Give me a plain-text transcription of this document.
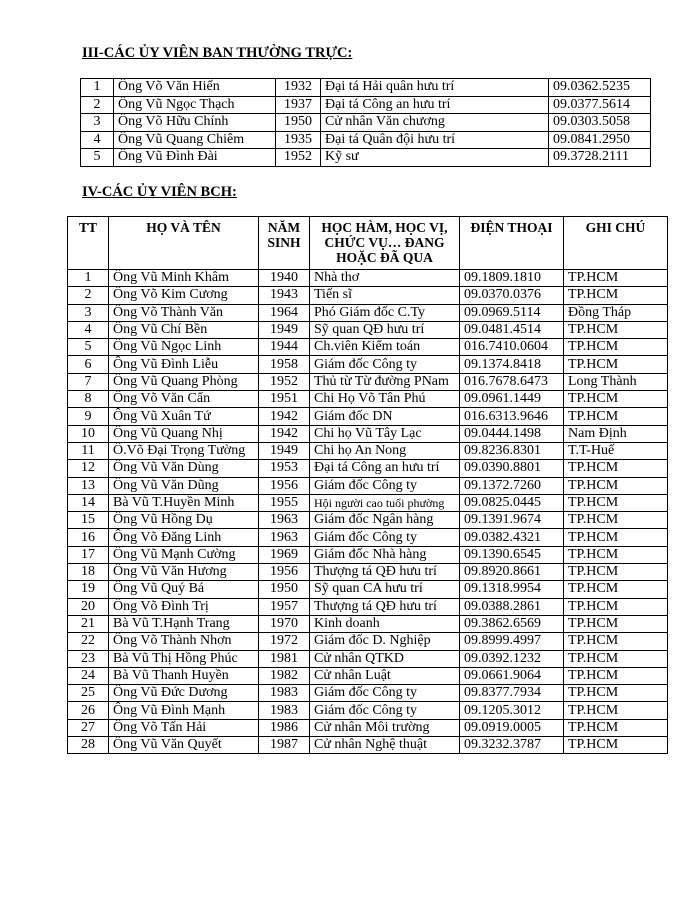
III-CÁC ỦY VIÊN BAN THƯỜNG TRỰC:
1	Ông Võ Văn Hiến	1932	Đại tá Hải quân hưu trí	09.0362.5235
2	Ông Vũ Ngọc Thạch	1937	Đại tá Công an hưu trí	09.0377.5614
3	Ông Võ Hữu Chính	1950	Cử nhân Văn chương	09.0303.5058
4	Ông Vũ Quang Chiêm	1935	Đại tá Quân đội hưu trí	09.0841.2950
5	Ông Vũ Đình Đài	1952	Kỹ sư	09.3728.2111
IV-CÁC ỦY VIÊN BCH:
TT	HỌ VÀ TÊN	NĂM SINH	HỌC HÀM, HỌC VỊ, CHỨC VỤ… ĐANG HOẶC ĐÃ QUA	ĐIỆN THOẠI	GHI CHÚ
1	Ông Vũ Minh Khâm	1940	Nhà thơ	09.1809.1810	TP.HCM
2	Ông Võ Kim Cương	1943	Tiến sĩ	09.0370.0376	TP.HCM
3	Ông Võ Thành Văn	1964	Phó Giám đốc C.Ty	09.0969.5114	Đồng Tháp
4	Ông Vũ Chí Bền	1949	Sỹ quan QĐ hưu trí	09.0481.4514	TP.HCM
5	Ông Vũ Ngọc Linh	1944	Ch.viên Kiểm toán	016.7410.0604	TP.HCM
6	Ông Vũ Đình Liễu	1958	Giám đốc Công ty	09.1374.8418	TP.HCM
7	Ông Vũ Quang Phòng	1952	Thủ từ Từ đường PNam	016.7678.6473	Long Thành
8	Ông Võ Văn Cẩn	1951	Chi Họ Võ Tân Phú	09.0961.1449	TP.HCM
9	Ông Vũ Xuân Tứ	1942	Giám đốc DN	016.6313.9646	TP.HCM
10	Ông Vũ Quang Nhị	1942	Chi họ Vũ Tây Lạc	09.0444.1498	Nam Định
11	Ô.Võ Đại Trọng Tường	1949	Chi họ An Nong	09.8236.8301	T.T-Huế
12	Ông Vũ Văn Dùng	1953	Đại tá Công an hưu trí	09.0390.8801	TP.HCM
13	Ông Vũ Văn Dũng	1956	Giám đốc Công ty	09.1372.7260	TP.HCM
14	Bà Vũ T.Huyền Minh	1955	Hội người cao tuổi phường	09.0825.0445	TP.HCM
15	Ông Vũ Hồng Dụ	1963	Giám đốc Ngân hàng	09.1391.9674	TP.HCM
16	Ông Võ Đăng Linh	1963	Giám đốc Công ty	09.0382.4321	TP.HCM
17	Ông Vũ Mạnh Cường	1969	Giám đốc Nhà hàng	09.1390.6545	TP.HCM
18	Ông Vũ Văn Hương	1956	Thượng tá QĐ hưu trí	09.8920.8661	TP.HCM
19	Ông Vũ Quý Bá	1950	Sỹ quan CA hưu trí	09.1318.9954	TP.HCM
20	Ông Võ Đình Trị	1957	Thượng tá QĐ hưu trí	09.0388.2861	TP.HCM
21	Bà Vũ T.Hạnh Trang	1970	Kinh doanh	09.3862.6569	TP.HCM
22	Ông Võ Thành Nhơn	1972	Giám đốc D. Nghiệp	09.8999.4997	TP.HCM
23	Bà Vũ Thị Hồng Phúc	1981	Cử nhân QTKD	09.0392.1232	TP.HCM
24	Bà Vũ Thanh Huyền	1982	Cử nhân Luật	09.0661.9064	TP.HCM
25	Ông Vũ Đức Dương	1983	Giám đốc Công ty	09.8377.7934	TP.HCM
26	Ông Vũ Đình Mạnh	1983	Giám đốc Công ty	09.1205.3012	TP.HCM
27	Ông Võ Tấn Hải	1986	Cử nhân Môi trường	09.0919.0005	TP.HCM
28	Ông Vũ Văn Quyết	1987	Cử nhân Nghệ thuật	09.3232.3787	TP.HCM
